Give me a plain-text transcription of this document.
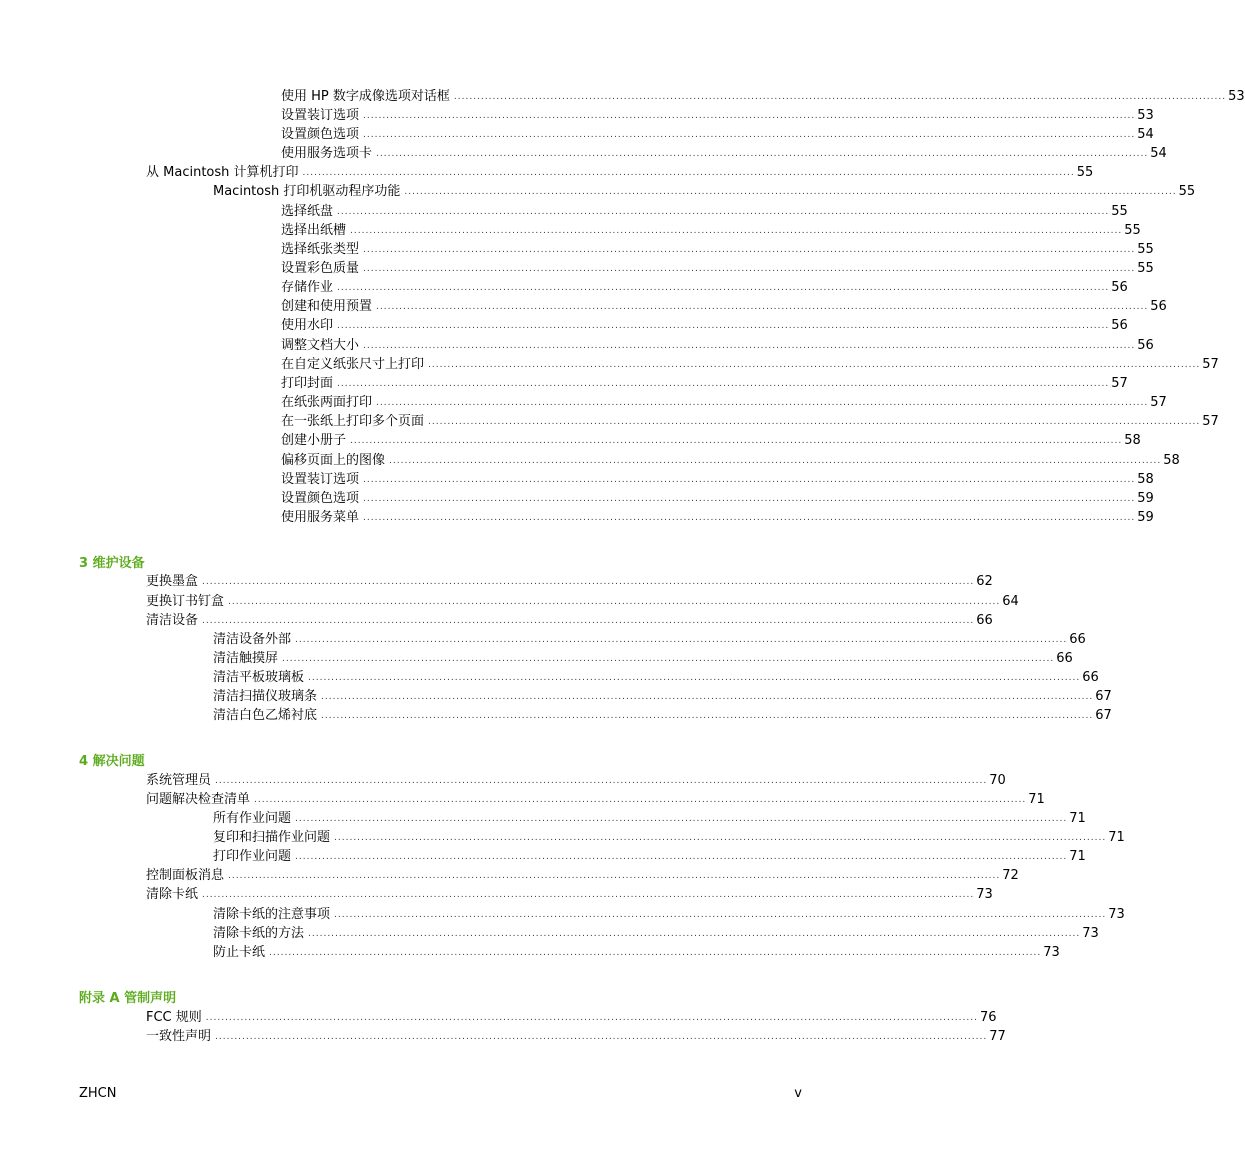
使用 HP 数字成像选项对话框 ........................................................................................................................................................................................................ 53
设置装订选项 ........................................................................................................................................................................................................ 53
设置颜色选项 ........................................................................................................................................................................................................ 54
使用服务选项卡 ........................................................................................................................................................................................................ 54
从 Macintosh 计算机打印 ........................................................................................................................................................................................................ 55
Macintosh 打印机驱动程序功能 ........................................................................................................................................................................................................ 55
选择纸盘 ........................................................................................................................................................................................................ 55
选择出纸槽 ........................................................................................................................................................................................................ 55
选择纸张类型 ........................................................................................................................................................................................................ 55
设置彩色质量 ........................................................................................................................................................................................................ 55
存储作业 ........................................................................................................................................................................................................ 56
创建和使用预置 ........................................................................................................................................................................................................ 56
使用水印 ........................................................................................................................................................................................................ 56
调整文档大小 ........................................................................................................................................................................................................ 56
在自定义纸张尺寸上打印 ........................................................................................................................................................................................................ 57
打印封面 ........................................................................................................................................................................................................ 57
在纸张两面打印 ........................................................................................................................................................................................................ 57
在一张纸上打印多个页面 ........................................................................................................................................................................................................ 57
创建小册子 ........................................................................................................................................................................................................ 58
偏移页面上的图像 ........................................................................................................................................................................................................ 58
设置装订选项 ........................................................................................................................................................................................................ 58
设置颜色选项 ........................................................................................................................................................................................................ 59
使用服务菜单 ........................................................................................................................................................................................................ 59
3 维护设备
更换墨盒 ........................................................................................................................................................................................................ 62
更换订书钉盒 ........................................................................................................................................................................................................ 64
清洁设备 ........................................................................................................................................................................................................ 66
清洁设备外部 ........................................................................................................................................................................................................ 66
清洁触摸屏 ........................................................................................................................................................................................................ 66
清洁平板玻璃板 ........................................................................................................................................................................................................ 66
清洁扫描仪玻璃条 ........................................................................................................................................................................................................ 67
清洁白色乙烯衬底 ........................................................................................................................................................................................................ 67
4 解决问题
系统管理员 ........................................................................................................................................................................................................ 70
问题解决检查清单 ........................................................................................................................................................................................................ 71
所有作业问题 ........................................................................................................................................................................................................ 71
复印和扫描作业问题 ........................................................................................................................................................................................................ 71
打印作业问题 ........................................................................................................................................................................................................ 71
控制面板消息 ........................................................................................................................................................................................................ 72
清除卡纸 ........................................................................................................................................................................................................ 73
清除卡纸的注意事项 ........................................................................................................................................................................................................ 73
清除卡纸的方法 ........................................................................................................................................................................................................ 73
防止卡纸 ........................................................................................................................................................................................................ 73
附录 A 管制声明
FCC 规则 ........................................................................................................................................................................................................ 76
一致性声明 ........................................................................................................................................................................................................ 77
ZHCN	v
